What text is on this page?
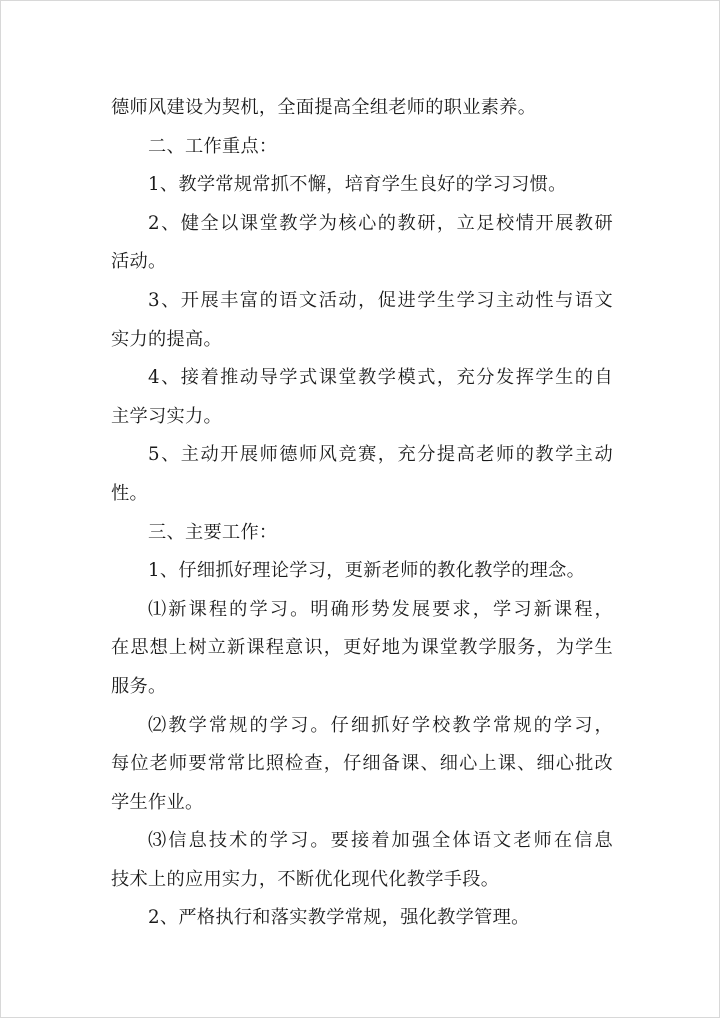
德师风建设为契机，全面提高全组老师的职业素养。
二、工作重点：
1、教学常规常抓不懈，培育学生良好的学习习惯。
2、健全以课堂教学为核心的教研，立足校情开展教研
活动。
3、开展丰富的语文活动，促进学生学习主动性与语文
实力的提高。
4、接着推动导学式课堂教学模式，充分发挥学生的自
主学习实力。
5、主动开展师德师风竞赛，充分提高老师的教学主动
性。
三、主要工作：
1、仔细抓好理论学习，更新老师的教化教学的理念。
⑴新课程的学习。明确形势发展要求，学习新课程，
在思想上树立新课程意识，更好地为课堂教学服务，为学生
服务。
⑵教学常规的学习。仔细抓好学校教学常规的学习，
每位老师要常常比照检查，仔细备课、细心上课、细心批改
学生作业。
⑶信息技术的学习。要接着加强全体语文老师在信息
技术上的应用实力，不断优化现代化教学手段。
2、严格执行和落实教学常规，强化教学管理。
